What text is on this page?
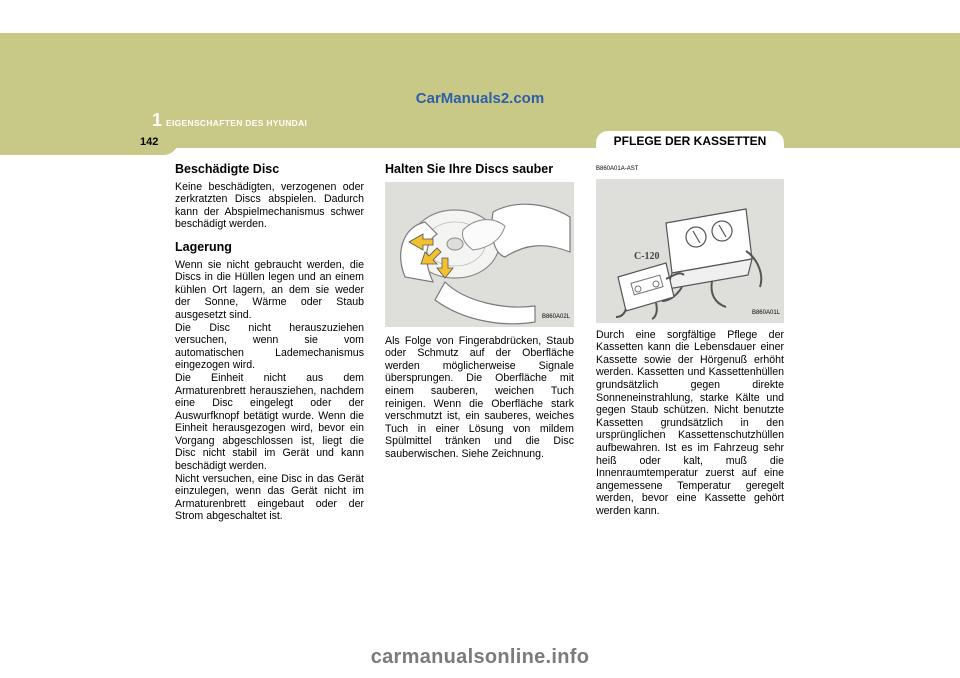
CarManuals2.com
1 EIGENSCHAFTEN DES HYUNDAI
142	PFLEGE DER KASSETTEN
Beschädigte Disc

Keine beschädigten, verzogenen oder zerkratzten Discs abspielen. Dadurch kann der Abspielmechanismus schwer beschädigt werden.

Lagerung

Wenn sie nicht gebraucht werden, die Discs in die Hüllen legen und an einem kühlen Ort lagern, an dem sie weder der Sonne, Wärme oder Staub ausgesetzt sind.
Die Disc nicht herauszuziehen versuchen, wenn sie vom automatischen Lademechanismus eingezogen wird.
Die Einheit nicht aus dem Armaturenbrett herausziehen, nachdem eine Disc eingelegt oder der Auswurfknopf betätigt wurde. Wenn die Einheit herausgezogen wird, bevor ein Vorgang abgeschlossen ist, liegt die Disc nicht stabil im Gerät und kann beschädigt werden.
Nicht versuchen, eine Disc in das Gerät einzulegen, wenn das Gerät nicht im Armaturenbrett eingebaut oder der Strom abgeschaltet ist.

Halten Sie Ihre Discs sauber
B860A02L

Als Folge von Fingerabdrücken, Staub oder Schmutz auf der Oberfläche werden möglicherweise Signale übersprungen. Die Oberfläche mit einem sauberen, weichen Tuch reinigen. Wenn die Oberfläche stark verschmutzt ist, ein sauberes, weiches Tuch in einer Lösung von mildem Spülmittel tränken und die Disc sauberwischen. Siehe Zeichnung.

B860A01A-AST
C-120
B860A01L

Durch eine sorgfältige Pflege der Kassetten kann die Lebensdauer einer Kassette sowie der Hörgenuß erhöht werden. Kassetten und Kassettenhüllen grundsätzlich gegen direkte Sonneneinstrahlung, starke Kälte und gegen Staub schützen. Nicht benutzte Kassetten grundsätzlich in den ursprünglichen Kassettenschutzhüllen aufbewahren. Ist es im Fahrzeug sehr heiß oder kalt, muß die Innenraumtemperatur zuerst auf eine angemessene Temperatur geregelt werden, bevor eine Kassette gehört werden kann.

carmanualsonline.info
